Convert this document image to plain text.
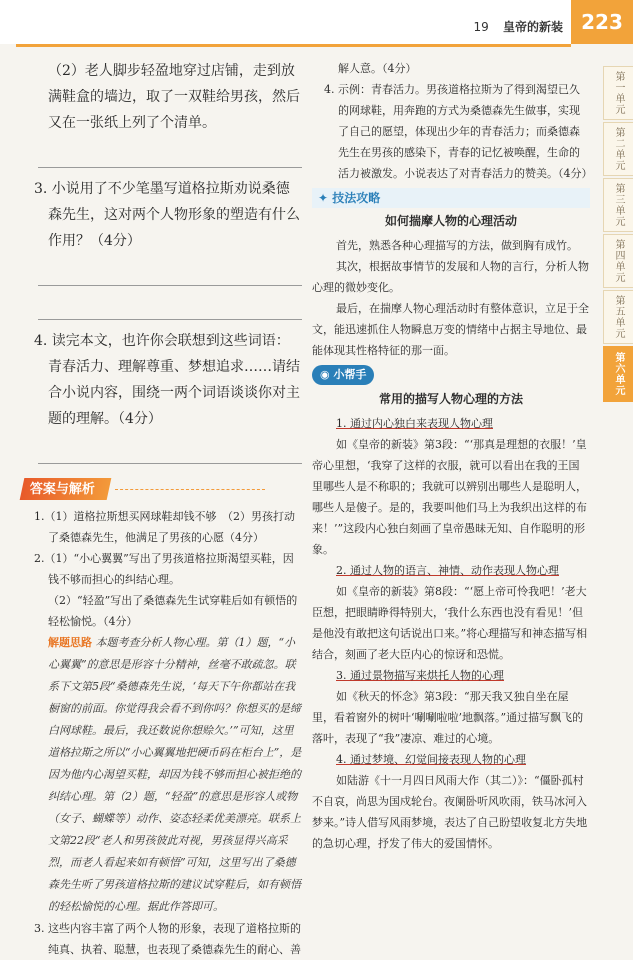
19 皇帝的新装 223
第一单元
第二单元
第三单元
第四单元
第五单元
第六单元
（2）老人脚步轻盈地穿过店铺，走到放满鞋盒的墙边，取了一双鞋给男孩，然后又在一张纸上列了个清单。
3. 小说用了不少笔墨写道格拉斯劝说桑德森先生，这对两个人物形象的塑造有什么作用？（4分）
4. 读完本文，也许你会联想到这些词语：青春活力、理解尊重、梦想追求……请结合小说内容，围绕一两个词语谈谈你对主题的理解。（4分）
答案与解析
1.（1）道格拉斯想买网球鞋却钱不够　（2）男孩打动了桑德森先生，他满足了男孩的心愿（4分）
2.（1）“小心翼翼”写出了男孩道格拉斯渴望买鞋，因钱不够而担心的纠结心理。
（2）“轻盈”写出了桑德森先生试穿鞋后如有顿悟的轻松愉悦。（4分）
解题思路 本题考查分析人物心理。第（1）题，“小心翼翼”的意思是形容十分精神，丝毫不敢疏忽。联系下文第5段“桑德森先生说，‘每天下午你都站在我橱窗的前面。你觉得我会看不到你吗？你想买的是缔白网球鞋。最后，我还数说你想赊欠。’”可知，这里道格拉斯之所以“小心翼翼地把硬币码在柜台上”，是因为他内心渴望买鞋，却因为钱不够而担心被拒绝的纠结心理。第（2）题，“轻盈”的意思是形容人或物（女子、蝴蝶等）动作、姿态轻柔优美漂亮。联系上文第22段“老人和男孩彼此对视，男孩显得兴高采烈，而老人看起来如有顿悟”可知，这里写出了桑德森先生听了男孩道格拉斯的建议试穿鞋后，如有顿悟的轻松愉悦的心理。据此作答即可。
3. 这些内容丰富了两个人物的形象，表现了道格拉斯的纯真、执着、聪慧，也表现了桑德森先生的耐心、善
解人意。（4分）
4. 示例：青春活力。男孩道格拉斯为了得到渴望已久的网球鞋，用奔跑的方式为桑德森先生做事，实现了自己的愿望，体现出少年的青春活力；而桑德森先生在男孩的感染下，青春的记忆被唤醒，生命的活力被激发。小说表达了对青春活力的赞美。（4分）
✦ 技法攻略
如何揣摩人物的心理活动
首先，熟悉各种心理描写的方法，做到胸有成竹。
其次，根据故事情节的发展和人物的言行，分析人物心理的微妙变化。
最后，在揣摩人物心理活动时有整体意识，立足于全文，能迅速抓住人物瞬息万变的情绪中占据主导地位、最能体现其性格特征的那一面。
◉ 小帮手
常用的描写人物心理的方法
1. 通过内心独白来表现人物心理
如《皇帝的新装》第3段：“‘那真是理想的衣服！’皇帝心里想，‘我穿了这样的衣服，就可以看出在我的王国里哪些人是不称职的；我就可以辨别出哪些人是聪明人，哪些人是傻子。是的，我要叫他们马上为我织出这样的布来！’”这段内心独白刻画了皇帝愚昧无知、自作聪明的形象。
2. 通过人物的语言、神情、动作表现人物心理
如《皇帝的新装》第8段：“‘愿上帝可怜我吧！’老大臣想，把眼睛睁得特别大，‘我什么东西也没有看见！’但是他没有敢把这句话说出口来。”将心理描写和神态描写相结合，刻画了老大臣内心的惊讶和恐慌。
3. 通过景物描写来烘托人物的心理
如《秋天的怀念》第3段：“那天我又独自坐在屋里，看着窗外的树叶‘唰唰啦啦’地飘落。”通过描写飘飞的落叶，表现了“我”凄凉、难过的心境。
4. 通过梦境、幻觉间接表现人物的心理
如陆游《十一月四日风雨大作（其二）》：“僵卧孤村不自哀，尚思为国戍轮台。夜阑卧听风吹雨，铁马冰河入梦来。”诗人借写风雨梦境，表达了自己盼望收复北方失地的急切心理，抒发了伟大的爱国情怀。
